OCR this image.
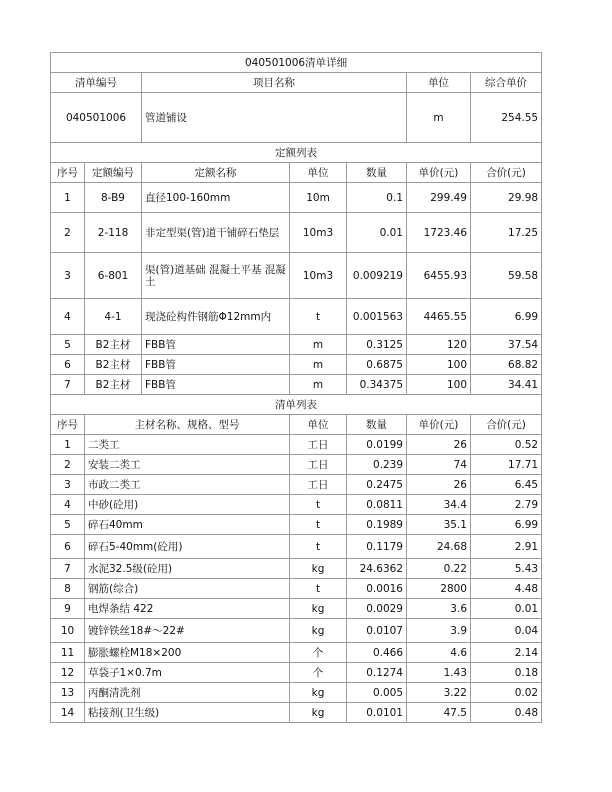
040501006清单详细						
清单编号		项目名称			单位	综合单价
040501006		管道铺设			m	254.55
定额列表						
序号	定额编号	定额名称	单位	数量	单价(元)	合价(元)
1	8-B9	直径100-160mm	10m	0.1	299.49	29.98
2	2-118	非定型渠(管)道干铺碎石垫层	10m3	0.01	1723.46	17.25
3	6-801	渠(管)道基础 混凝土平基 混凝土	10m3	0.009219	6455.93	59.58
4	4-1	现浇砼构件钢筋Φ12mm内	t	0.001563	4465.55	6.99
5	B2主材	FBB管	m	0.3125	120	37.54
6	B2主材	FBB管	m	0.6875	100	68.82
7	B2主材	FBB管	m	0.34375	100	34.41
清单列表						
序号	主材名称、规格、型号		单位	数量	单价(元)	合价(元)
1	二类工		工日	0.0199	26	0.52
2	安装二类工		工日	0.239	74	17.71
3	市政二类工		工日	0.2475	26	6.45
4	中砂(砼用)		t	0.0811	34.4	2.79
5	碎石40mm		t	0.1989	35.1	6.99
6	碎石5-40mm(砼用)		t	0.1179	24.68	2.91
7	水泥32.5级(砼用)		kg	24.6362	0.22	5.43
8	钢筋(综合)		t	0.0016	2800	4.48
9	电焊条结 422		kg	0.0029	3.6	0.01
10	镀锌铁丝18#～22#		kg	0.0107	3.9	0.04
11	膨胀螺栓M18×200		个	0.466	4.6	2.14
12	草袋子1×0.7m		个	0.1274	1.43	0.18
13	丙酮清洗剂		kg	0.005	3.22	0.02
14	粘接剂(卫生级)		kg	0.0101	47.5	0.48
